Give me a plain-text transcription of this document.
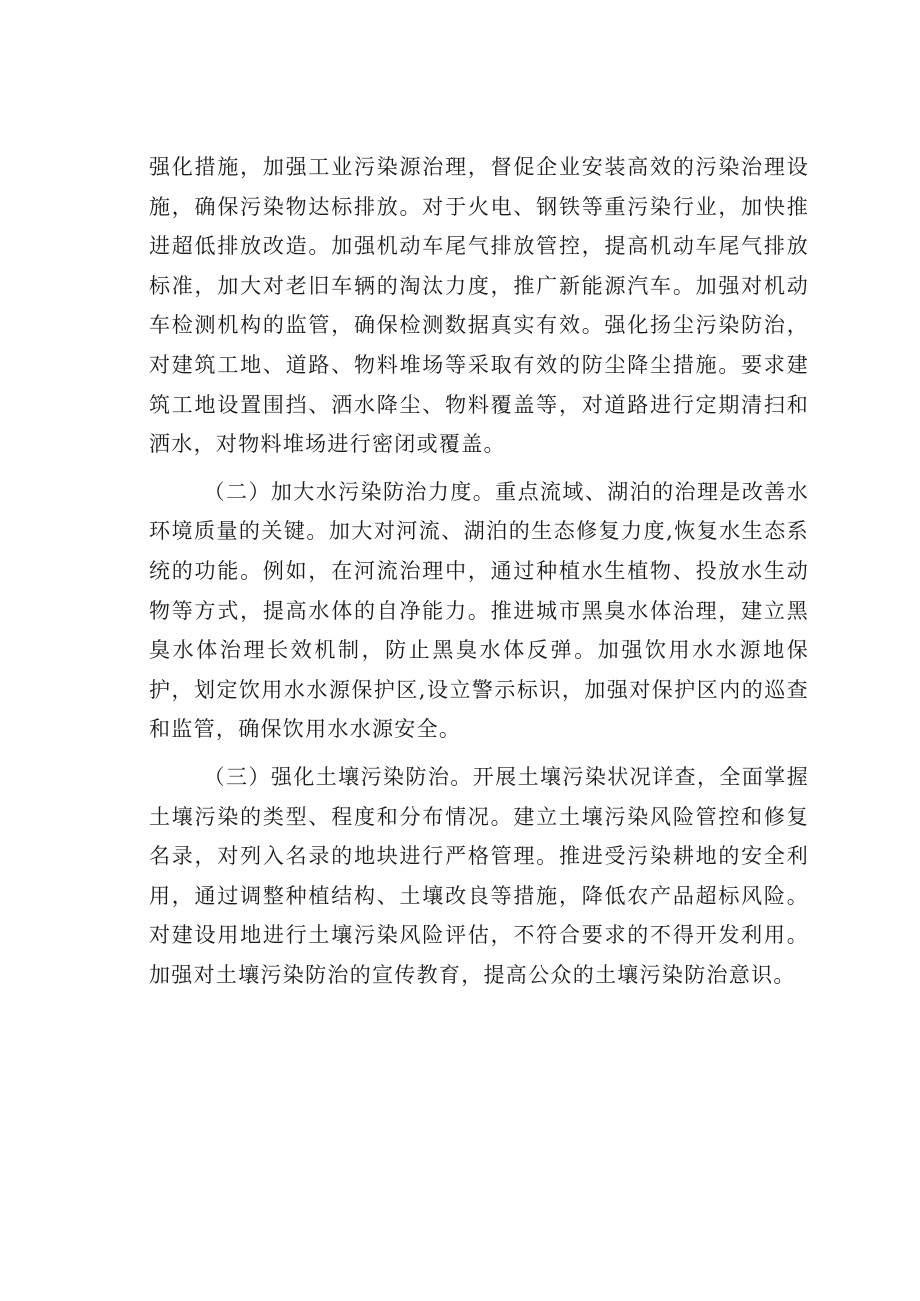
强化措施，加强工业污染源治理，督促企业安装高效的污染治理设施，确保污染物达标排放。对于火电、钢铁等重污染行业，加快推进超低排放改造。加强机动车尾气排放管控，提高机动车尾气排放标准，加大对老旧车辆的淘汰力度，推广新能源汽车。加强对机动车检测机构的监管，确保检测数据真实有效。强化扬尘污染防治，对建筑工地、道路、物料堆场等采取有效的防尘降尘措施。要求建筑工地设置围挡、洒水降尘、物料覆盖等，对道路进行定期清扫和洒水，对物料堆场进行密闭或覆盖。

（二）加大水污染防治力度。重点流域、湖泊的治理是改善水环境质量的关键。加大对河流、湖泊的生态修复力度,恢复水生态系统的功能。例如，在河流治理中，通过种植水生植物、投放水生动物等方式，提高水体的自净能力。推进城市黑臭水体治理，建立黑臭水体治理长效机制，防止黑臭水体反弹。加强饮用水水源地保护，划定饮用水水源保护区,设立警示标识，加强对保护区内的巡查和监管，确保饮用水水源安全。

（三）强化土壤污染防治。开展土壤污染状况详查，全面掌握土壤污染的类型、程度和分布情况。建立土壤污染风险管控和修复名录，对列入名录的地块进行严格管理。推进受污染耕地的安全利用，通过调整种植结构、土壤改良等措施，降低农产品超标风险。对建设用地进行土壤污染风险评估，不符合要求的不得开发利用。加强对土壤污染防治的宣传教育，提高公众的土壤污染防治意识。
